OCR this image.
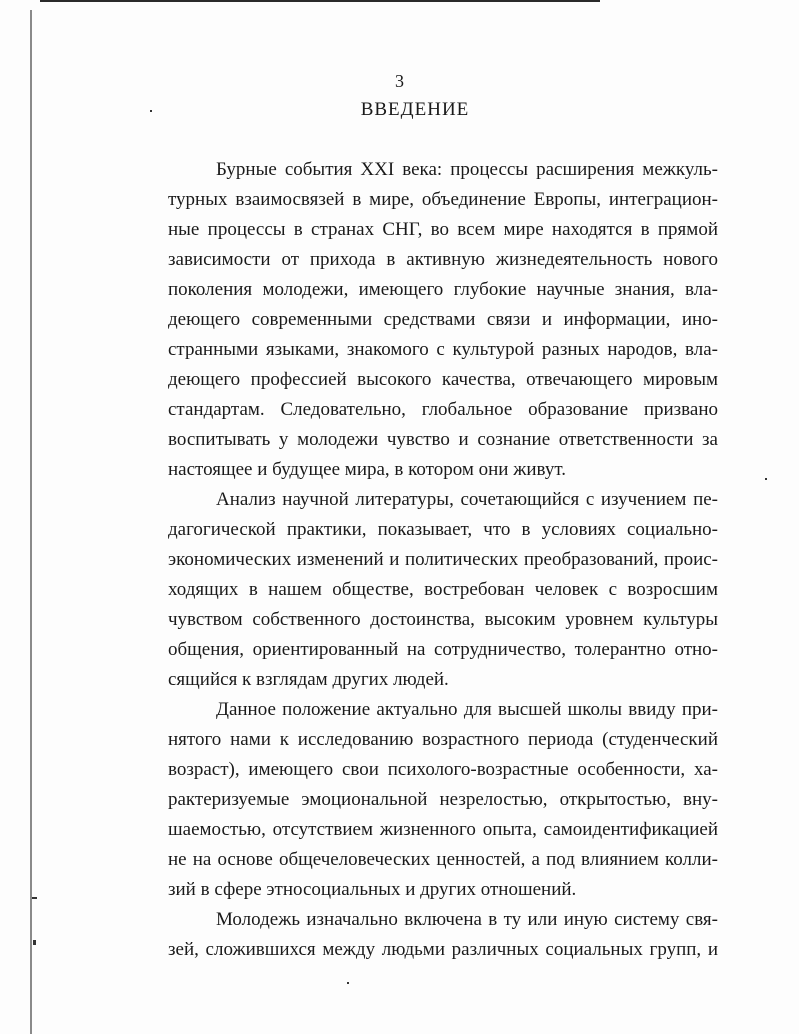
3
ВВЕДЕНИЕ
Бурные события XXI века: процессы расширения межкуль-
турных взаимосвязей в мире, объединение Европы, интеграцион-
ные процессы в странах СНГ, во всем мире находятся в прямой
зависимости от прихода в активную жизнедеятельность нового
поколения молодежи, имеющего глубокие научные знания, вла-
деющего современными средствами связи и информации, ино-
странными языками, знакомого с культурой разных народов, вла-
деющего профессией высокого качества, отвечающего мировым
стандартам. Следовательно, глобальное образование призвано
воспитывать у молодежи чувство и сознание ответственности за
настоящее и будущее мира, в котором они живут.
Анализ научной литературы, сочетающийся с изучением пе-
дагогической практики, показывает, что в условиях социально-
экономических изменений и политических преобразований, проис-
ходящих в нашем обществе, востребован человек с возросшим
чувством собственного достоинства, высоким уровнем культуры
общения, ориентированный на сотрудничество, толерантно отно-
сящийся к взглядам других людей.
Данное положение актуально для высшей школы ввиду при-
нятого нами к исследованию возрастного периода (студенческий
возраст), имеющего свои психолого-возрастные особенности, ха-
рактеризуемые эмоциональной незрелостью, открытостью, вну-
шаемостью, отсутствием жизненного опыта, самоидентификацией
не на основе общечеловеческих ценностей, а под влиянием колли-
зий в сфере этносоциальных и других отношений.
Молодежь изначально включена в ту или иную систему свя-
зей, сложившихся между людьми различных социальных групп, и
